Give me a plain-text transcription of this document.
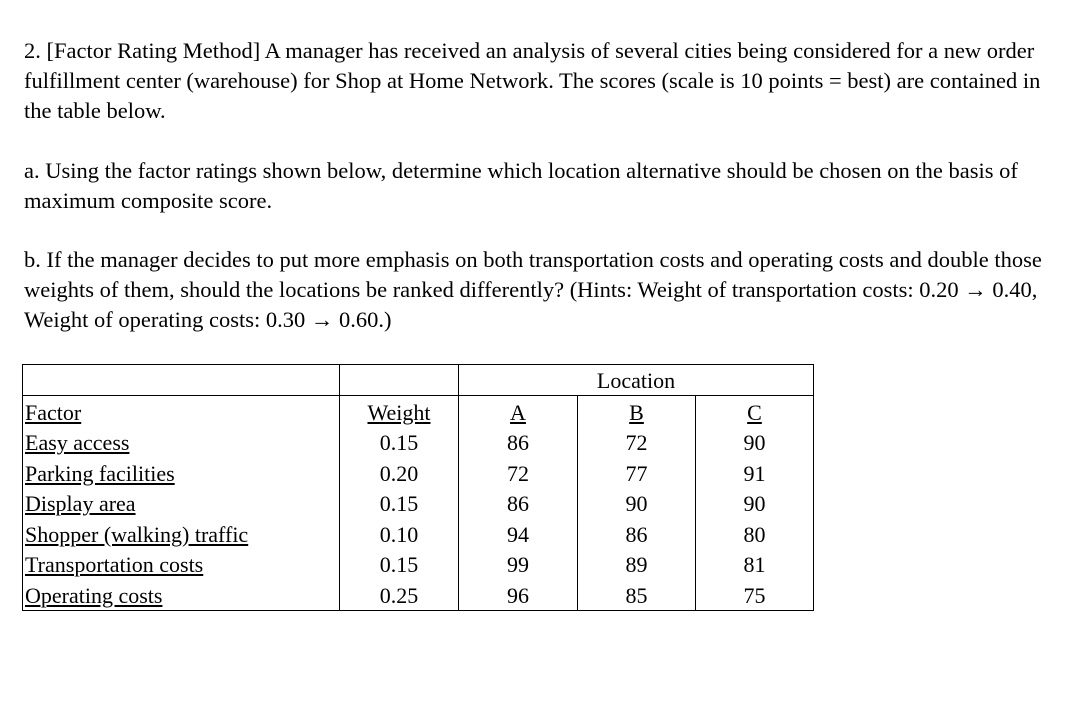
2. [Factor Rating Method] A manager has received an analysis of several cities being considered for a new order fulfillment center (warehouse) for Shop at Home Network. The scores (scale is 10 points = best) are contained in the table below.

a. Using the factor ratings shown below, determine which location alternative should be chosen on the basis of maximum composite score.

b. If the manager decides to put more emphasis on both transportation costs and operating costs and double those weights of them, should the locations be ranked differently? (Hints: Weight of transportation costs: 0.20 → 0.40, Weight of operating costs: 0.30 → 0.60.)

		Location		
Factor	Weight	A	B	C
Easy access	0.15	86	72	90
Parking facilities	0.20	72	77	91
Display area	0.15	86	90	90
Shopper (walking) traffic	0.10	94	86	80
Transportation costs	0.15	99	89	81
Operating costs	0.25	96	85	75
